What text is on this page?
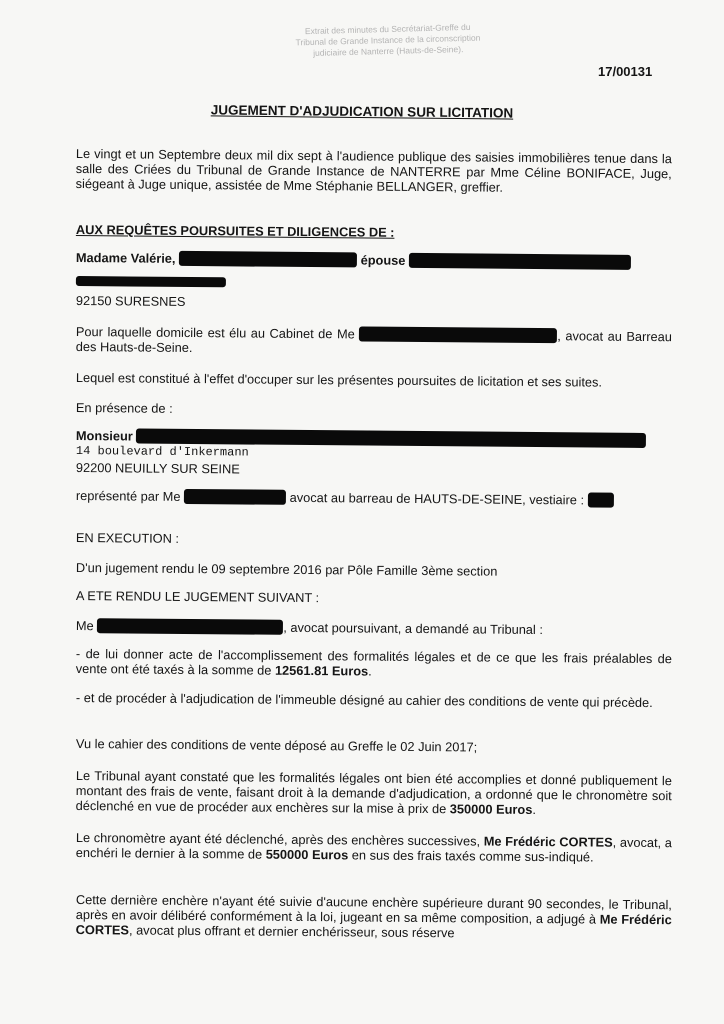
Extrait des minutes du Secrétariat-Greffe du
Tribunal de Grande Instance de la circonscription
judiciaire de Nanterre (Hauts-de-Seine).
17/00131
JUGEMENT D'ADJUDICATION SUR LICITATION
Le vingt et un Septembre deux mil dix sept à l'audience publique des saisies immobilières tenue dans la salle des Criées du Tribunal de Grande Instance de NANTERRE par Mme Céline BONIFACE, Juge, siégeant à Juge unique, assistée de Mme Stéphanie BELLANGER, greffier.
AUX REQUÊTES POURSUITES ET DILIGENCES DE :
Madame Valérie,	épouse
92150 SURESNES
Pour laquelle domicile est élu au Cabinet de Me	, avocat au Barreau des Hauts-de-Seine.
Lequel est constitué à l'effet d'occuper sur les présentes poursuites de licitation et ses suites.
En présence de :
Monsieur
14 boulevard d'Inkermann
92200 NEUILLY SUR SEINE
représenté par Me	avocat au barreau de HAUTS-DE-SEINE, vestiaire :
EN EXECUTION :
D'un jugement rendu le 09 septembre 2016 par Pôle Famille 3ème section
A ETE RENDU LE JUGEMENT SUIVANT :
Me	, avocat poursuivant, a demandé au Tribunal :
- de lui donner acte de l'accomplissement des formalités légales et de ce que les frais préalables de vente ont été taxés à la somme de 12561.81 Euros.
- et de procéder à l'adjudication de l'immeuble désigné au cahier des conditions de vente qui précède.
Vu le cahier des conditions de vente déposé au Greffe le 02 Juin 2017;
Le Tribunal ayant constaté que les formalités légales ont bien été accomplies et donné publiquement le montant des frais de vente, faisant droit à la demande d'adjudication, a ordonné que le chronomètre soit déclenché en vue de procéder aux enchères sur la mise à prix de 350000 Euros.
Le chronomètre ayant été déclenché, après des enchères successives, Me Frédéric CORTES, avocat, a enchéri le dernier à la somme de 550000 Euros en sus des frais taxés comme sus-indiqué.
Cette dernière enchère n'ayant été suivie d'aucune enchère supérieure durant 90 secondes, le Tribunal, après en avoir délibéré conformément à la loi, jugeant en sa même composition, a adjugé à Me Frédéric CORTES, avocat plus offrant et dernier enchérisseur, sous réserve
